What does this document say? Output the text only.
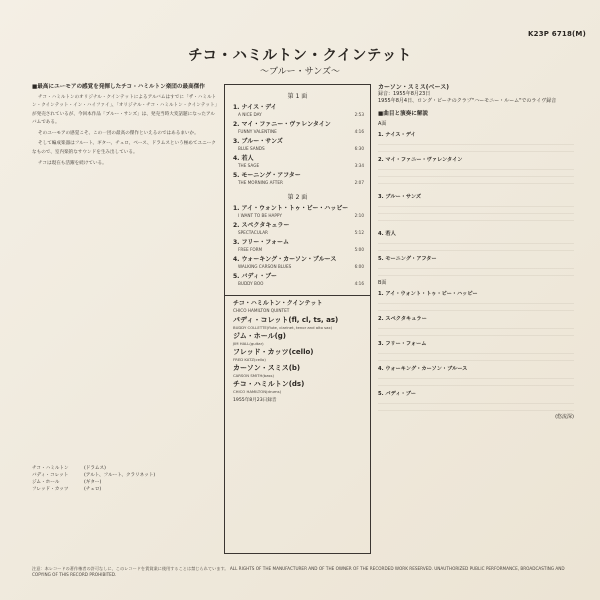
K23P 6718(M)
チコ・ハミルトン・クインテット
〜ブルー・サンズ〜
■最高にユーモアの感覚を発揮したチコ・ハミルトン楽団の最高傑作
チコ・ハミルトンのオリジナル・クインテットによるアルバムはすでに「ザ・ハミルトン・クインテット・イン・ハイファイ」、「オリジナル・チコ・ハミルトン・クインテット」が発売されているが、今回本作品「ブルー・サンズ」は、発売当時大変話題になったアルバムである。
そのユーモアの感覚こそ、この一団の最高の傑作といえるのではあるまいか。
そして編成楽器はフルート、ギター、チェロ、ベース、ドラムスという極めてユニークなもので、室内楽的なサウンドを生み出している。
チコは現在も活躍を続けている。
チコ・ハミルトン	(ドラムス)
バディ・コレット	(アルト、フルート、クラリネット)
ジム・ホール	(ギター)
フレッド・カッツ	(チェロ)
第 1 面
1. ナイス・デイ
A NICE DAY	2:53
2. マイ・ファニー・ヴァレンタイン
FUNNY VALENTINE	4:16
3. ブルー・サンズ
BLUE SANDS	6:30
4. 若人
THE SAGE	3:34
5. モーニング・アフター
THE MORNING AFTER	2:07
第 2 面
1. アイ・ウォント・トゥ・ビー・ハッピー
I WANT TO BE HAPPY	2:10
2. スペクタキュラー
SPECTACULAR	5:12
3. フリー・フォーム
FREE FORM	5:00
4. ウォーキング・カーソン・ブルース
WALKING CARSON BLUES	6:00
5. バディ・ブー
BUDDY BOO	4:16
チコ・ハミルトン・クインテット
CHICO HAMILTON QUINTET
バディ・コレット(fl, cl, ts, as)
BUDDY COLLETTE(flute, clarinet, tenor and alto sax)
ジム・ホール(g)
JIM HALL(guitar)
フレッド・カッツ(cello)
FRED KATZ(cello)
カーソン・スミス(b)
CARSON SMITH(bass)
チコ・ハミルトン(ds)
CHICO HAMILTON(drums)
1955年8月23日録音
カーソン・スミス(ベース)
録音：1955年8月23日
1955年8月4日、ロング・ビーチのクラブ"ハーモニー・ルーム"でのライヴ録音
■曲目と演奏に解説
A面
1. ナイス・デイ
2. マイ・ファニー・ヴァレンタイン
3. ブルー・サンズ
4. 若人
5. モーニング・アフター
B面
1. アイ・ウォント・トゥ・ビー・ハッピー
2. スペクタキュラー
3. フリー・フォーム
4. ウォーキング・カーソン・ブルース
5. バディ・ブー
(悠流深)
注意：本レコードの著作権者の許可なしに、このレコードを賃貸業に使用することは禁じられています。 ALL RIGHTS OF THE MANUFACTURER AND OF THE OWNER OF THE RECORDED WORK RESERVED. UNAUTHORIZED PUBLIC PERFORMANCE, BROADCASTING AND COPYING OF THIS RECORD PROHIBITED.
